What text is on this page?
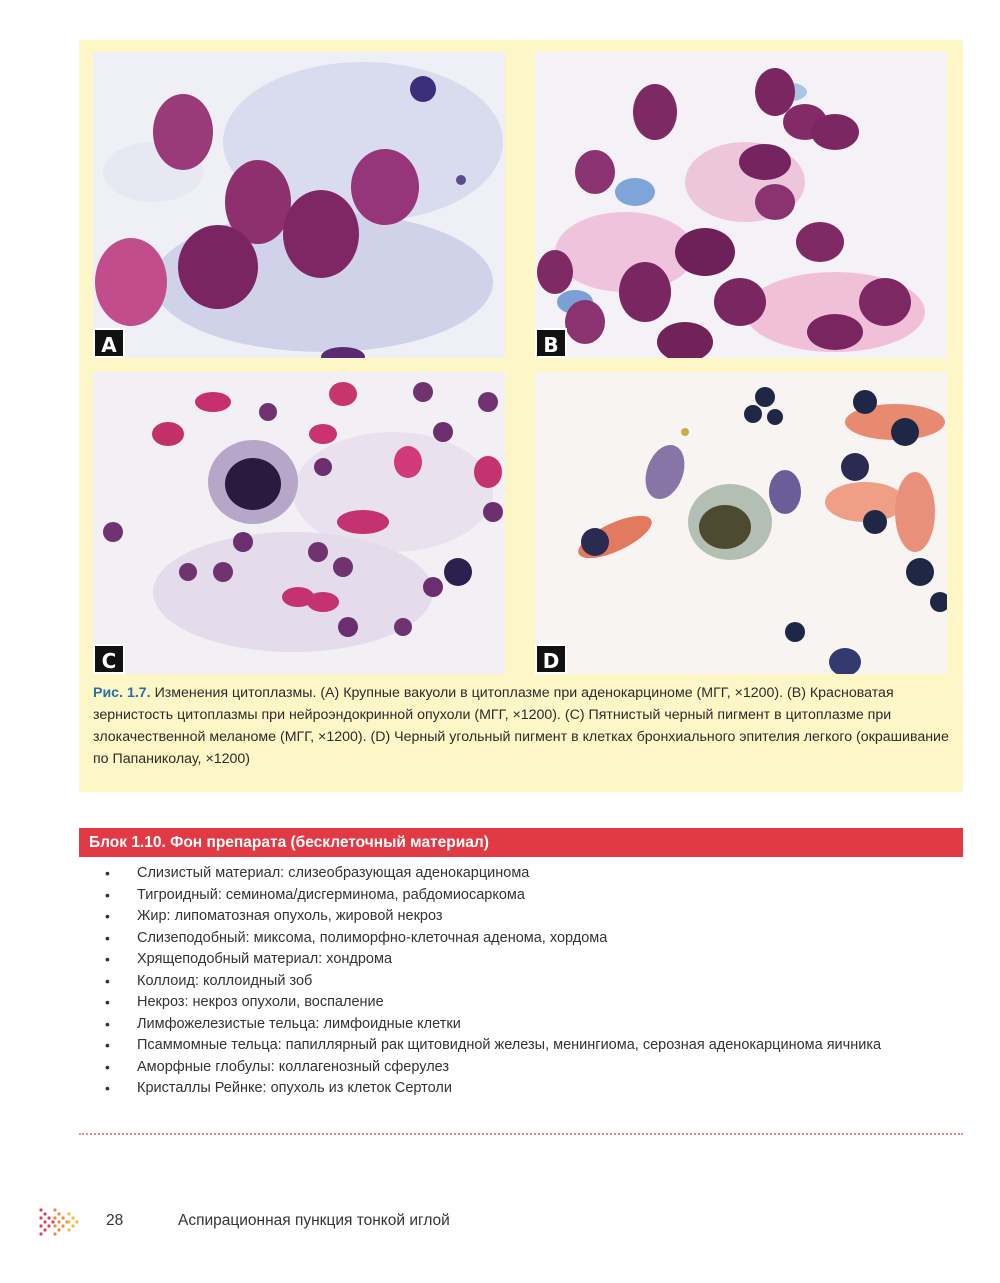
A	B
C	D
Рис. 1.7. Изменения цитоплазмы. (A) Крупные вакуоли в цитоплазме при аденокарциноме (МГГ, ×1200). (B) Красноватая зернистость цитоплазмы при нейроэндокринной опухоли (МГГ, ×1200). (C) Пятнистый черный пигмент в цитоплазме при злокачественной меланоме (МГГ, ×1200). (D) Черный угольный пигмент в клетках бронхиального эпителия легкого (окрашивание по Папаниколау, ×1200)
Блок 1.10. Фон препарата (бесклеточный материал)
• Слизистый материал: слизеобразующая аденокарцинома
• Тигроидный: семинома/дисгерминома, рабдомиосаркома
• Жир: липоматозная опухоль, жировой некроз
• Слизеподобный: миксома, полиморфно-клеточная аденома, хордома
• Хрящеподобный материал: хондрома
• Коллоид: коллоидный зоб
• Некроз: некроз опухоли, воспаление
• Лимфожелезистые тельца: лимфоидные клетки
• Псаммомные тельца: папиллярный рак щитовидной железы, менингиома, серозная аденокарцинома яичника
• Аморфные глобулы: коллагенозный сферулез
• Кристаллы Рейнке: опухоль из клеток Сертоли
28	Аспирационная пункция тонкой иглой
